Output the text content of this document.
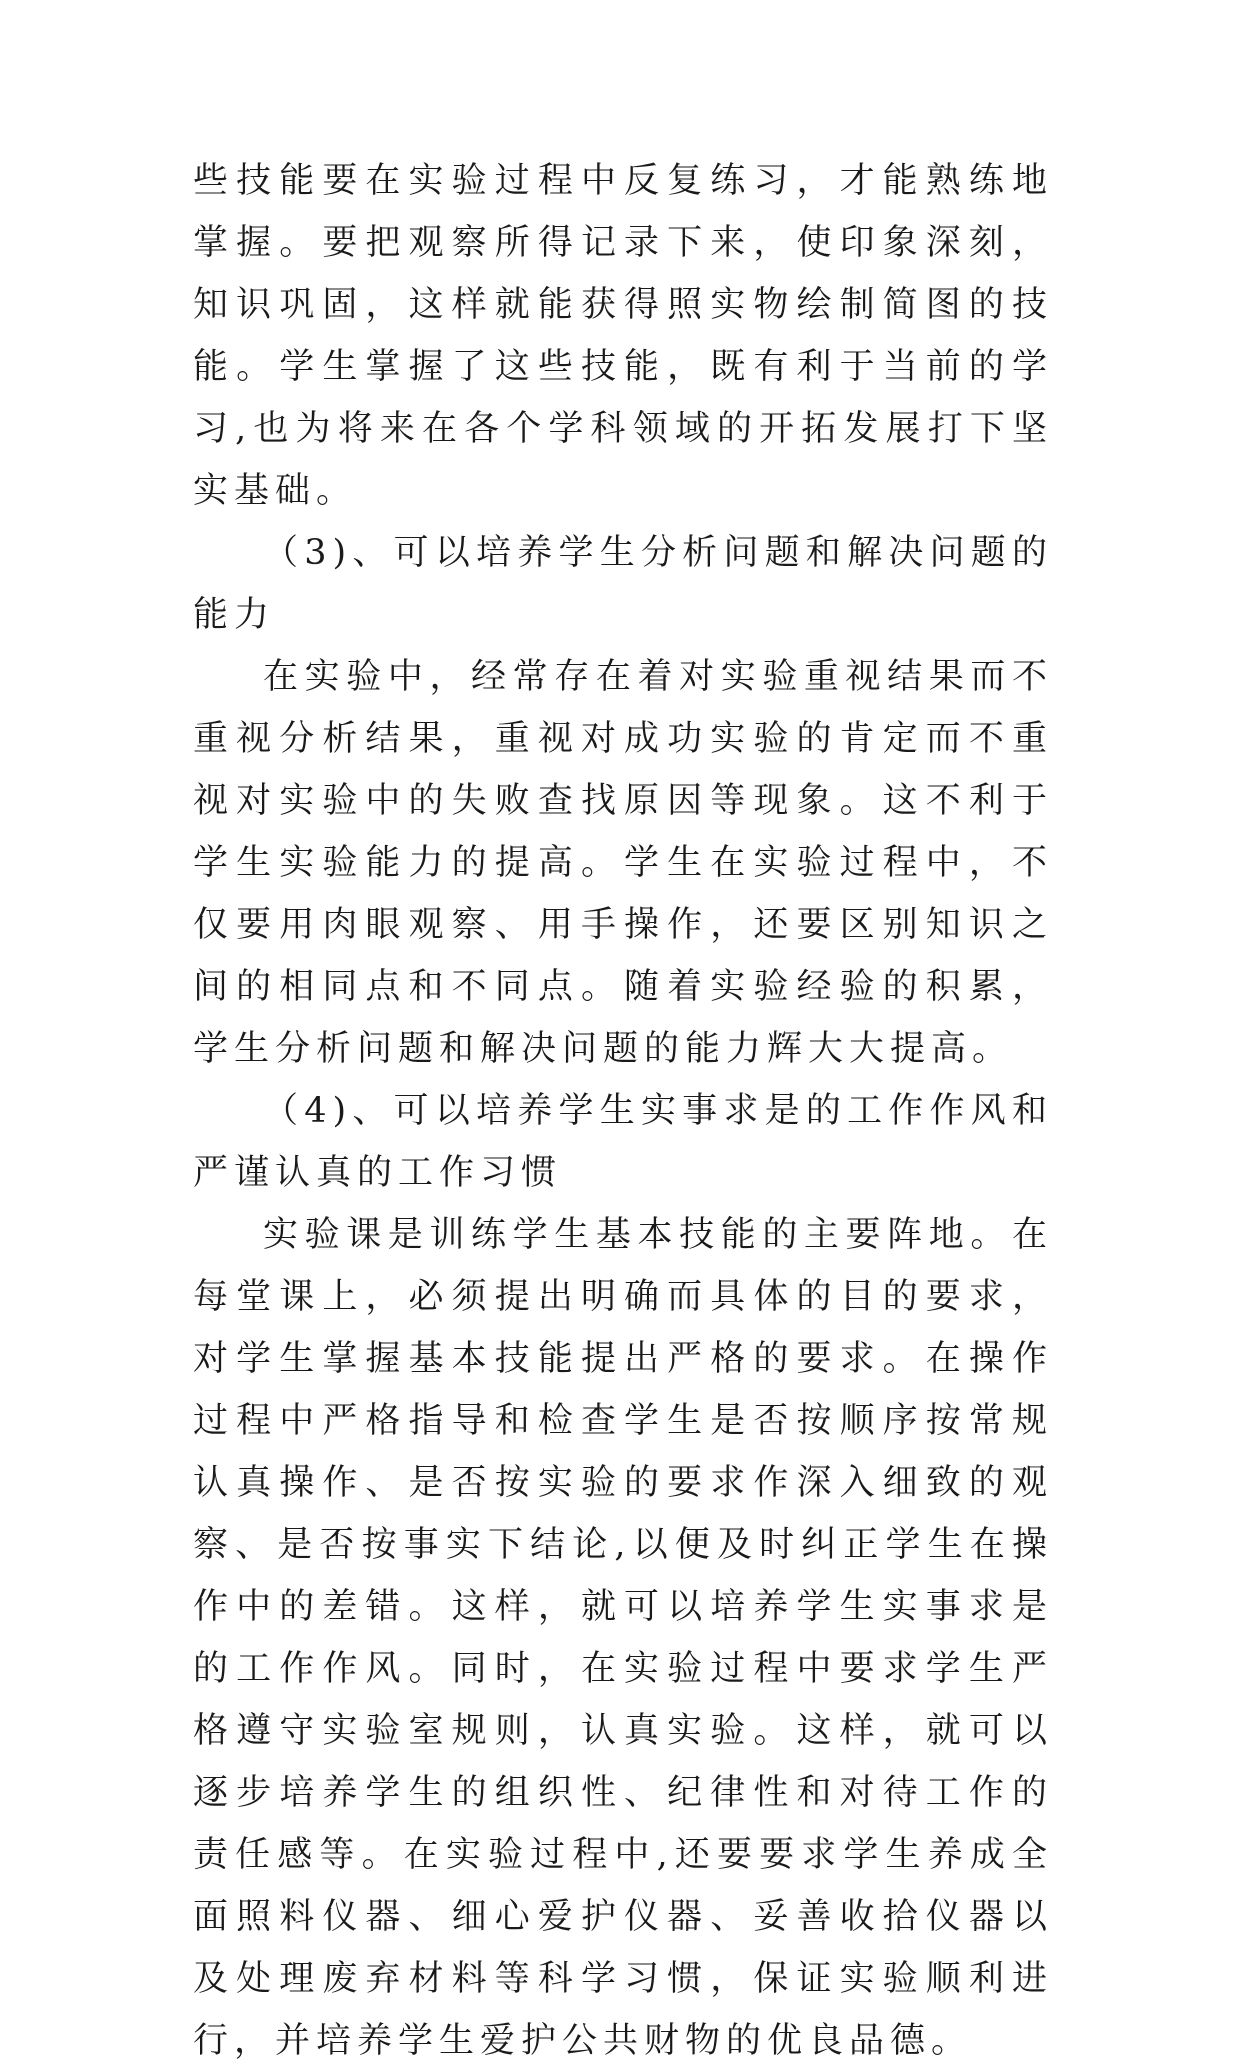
些技能要在实验过程中反复练习，才能熟练地掌握。要把观察所得记录下来，使印象深刻，知识巩固，这样就能获得照实物绘制简图的技能。学生掌握了这些技能，既有利于当前的学习,也为将来在各个学科领域的开拓发展打下坚实基础。

（3)、可以培养学生分析问题和解决问题的能力

在实验中，经常存在着对实验重视结果而不重视分析结果，重视对成功实验的肯定而不重视对实验中的失败查找原因等现象。这不利于学生实验能力的提高。学生在实验过程中，不仅要用肉眼观察、用手操作，还要区别知识之间的相同点和不同点。随着实验经验的积累，学生分析问题和解决问题的能力辉大大提高。

（4)、可以培养学生实事求是的工作作风和严谨认真的工作习惯

实验课是训练学生基本技能的主要阵地。在每堂课上，必须提出明确而具体的目的要求，对学生掌握基本技能提出严格的要求。在操作过程中严格指导和检查学生是否按顺序按常规认真操作、是否按实验的要求作深入细致的观察、是否按事实下结论,以便及时纠正学生在操作中的差错。这样，就可以培养学生实事求是的工作作风。同时，在实验过程中要求学生严格遵守实验室规则，认真实验。这样，就可以逐步培养学生的组织性、纪律性和对待工作的责任感等。在实验过程中,还要要求学生养成全面照料仪器、细心爱护仪器、妥善收拾仪器以及处理废弃材料等科学习惯，保证实验顺利进行，并培养学生爱护公共财物的优良品德。
